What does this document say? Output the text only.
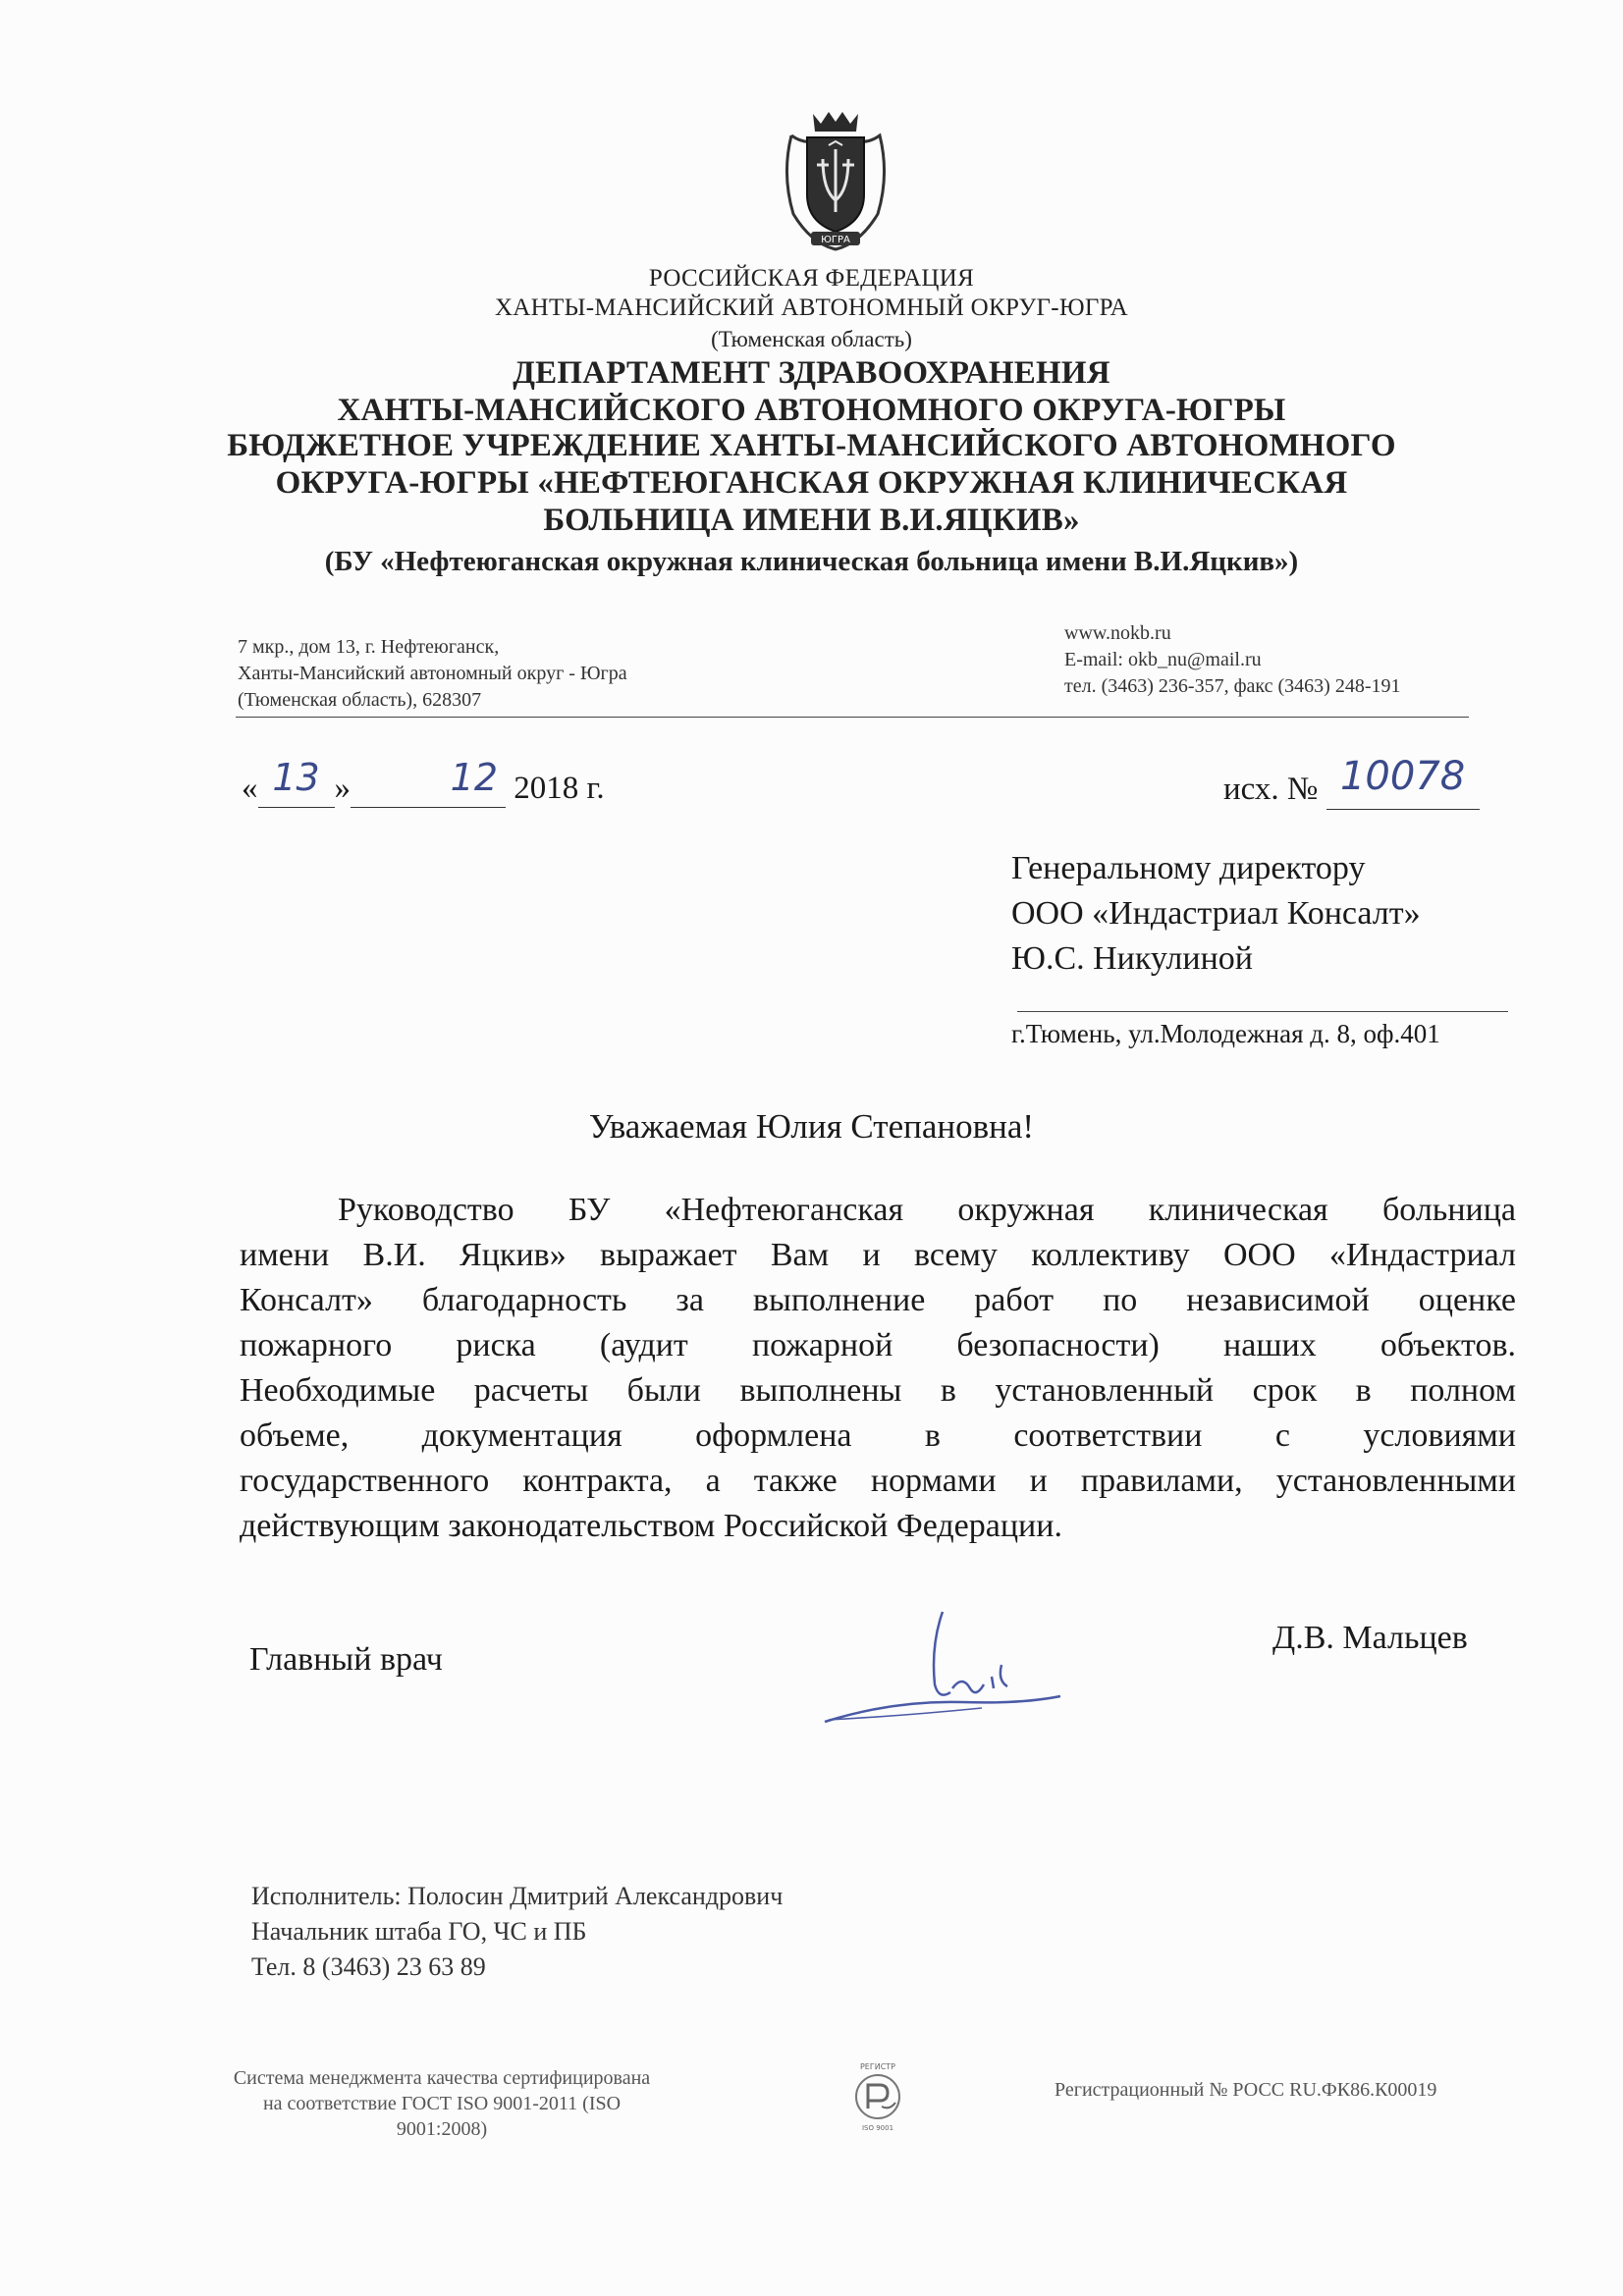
ЮГРА
РОССИЙСКАЯ ФЕДЕРАЦИЯ
ХАНТЫ-МАНСИЙСКИЙ АВТОНОМНЫЙ ОКРУГ-ЮГРА
(Тюменская область)
ДЕПАРТАМЕНТ ЗДРАВООХРАНЕНИЯ
ХАНТЫ-МАНСИЙСКОГО АВТОНОМНОГО ОКРУГА-ЮГРЫ
БЮДЖЕТНОЕ УЧРЕЖДЕНИЕ ХАНТЫ-МАНСИЙСКОГО АВТОНОМНОГО
ОКРУГА-ЮГРЫ «НЕФТЕЮГАНСКАЯ ОКРУЖНАЯ КЛИНИЧЕСКАЯ
БОЛЬНИЦА ИМЕНИ В.И.ЯЦКИВ»
(БУ «Нефтеюганская окружная клиническая больница имени В.И.Яцкив»)
7 мкр., дом 13, г. Нефтеюганск,
Ханты-Мансийский автономный округ - Югра
(Тюменская область), 628307
www.nokb.ru
E-mail: okb_nu@mail.ru
тел. (3463) 236-357, факс (3463) 248-191
« 13 »	12 2018 г.	исх. № 10078
Генеральному директору
ООО «Индастриал Консалт»
Ю.С. Никулиной
г.Тюмень, ул.Молодежная д. 8, оф.401
Уважаемая Юлия Степановна!
Руководство БУ «Нефтеюганская окружная клиническая больница
имени В.И. Яцкив» выражает Вам и всему коллективу ООО «Индастриал
Консалт» благодарность за выполнение работ по независимой оценке
пожарного риска (аудит пожарной безопасности) наших объектов.
Необходимые расчеты были выполнены в установленный срок в полном
объеме, документация оформлена в соответствии с условиями
государственного контракта, а также нормами и правилами, установленными
действующим законодательством Российской Федерации.
Главный врач
Д.В. Мальцев
Исполнитель: Полосин Дмитрий Александрович
Начальник штаба ГО, ЧС и ПБ
Тел. 8 (3463) 23 63 89
Система менеджмента качества сертифицирована
на соответствие ГОСТ ISO 9001-2011 (ISO
9001:2008)
РЕГИСТР
ISO 9001
Регистрационный № РОСС RU.ФК86.К00019
